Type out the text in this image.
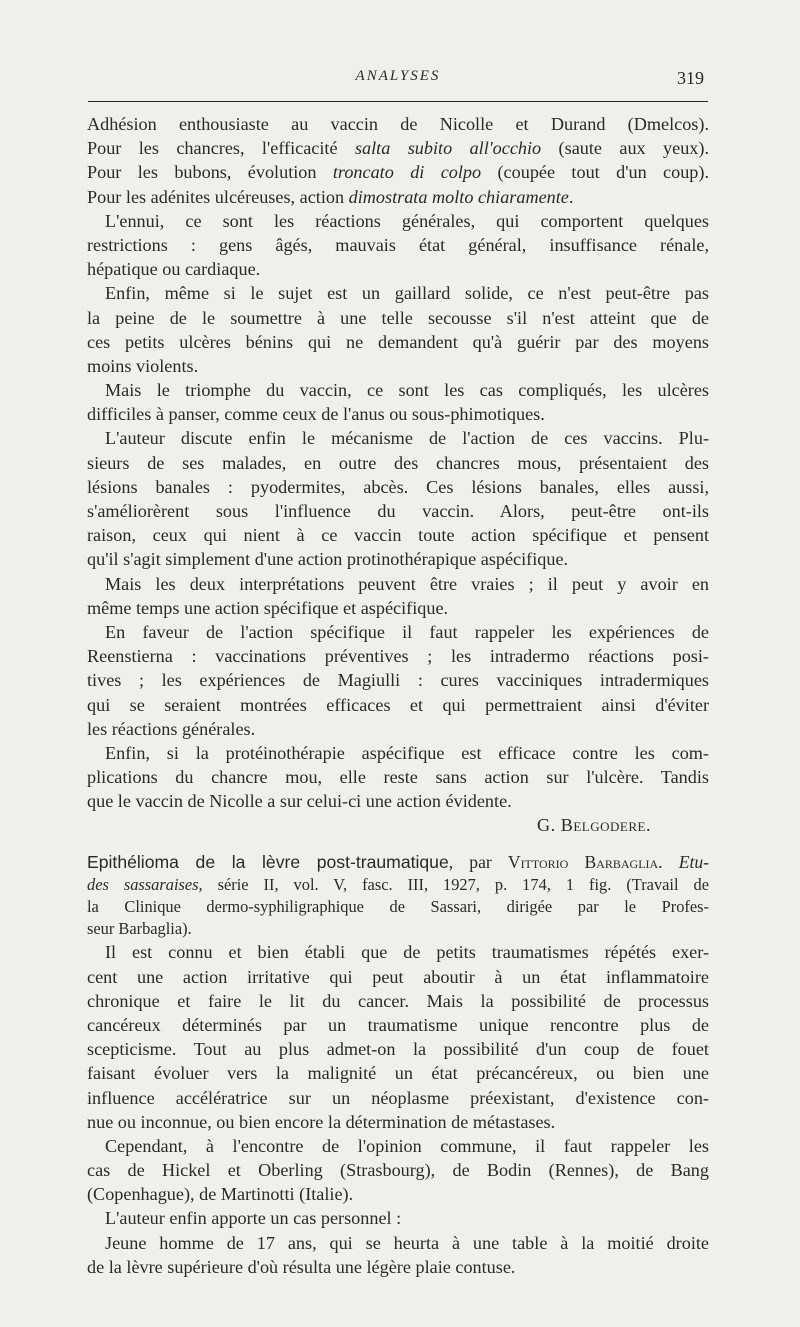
ANALYSES	319
Adhésion enthousiaste au vaccin de Nicolle et Durand (Dmelcos).
Pour les chancres, l'efficacité salta subito all'occhio (saute aux yeux).
Pour les bubons, évolution troncato di colpo (coupée tout d'un coup).
Pour les adénites ulcéreuses, action dimostrata molto chiaramente.
L'ennui, ce sont les réactions générales, qui comportent quelques
restrictions : gens âgés, mauvais état général, insuffisance rénale,
hépatique ou cardiaque.
Enfin, même si le sujet est un gaillard solide, ce n'est peut-être pas
la peine de le soumettre à une telle secousse s'il n'est atteint que de
ces petits ulcères bénins qui ne demandent qu'à guérir par des moyens
moins violents.
Mais le triomphe du vaccin, ce sont les cas compliqués, les ulcères
difficiles à panser, comme ceux de l'anus ou sous-phimotiques.
L'auteur discute enfin le mécanisme de l'action de ces vaccins. Plu-
sieurs de ses malades, en outre des chancres mous, présentaient des
lésions banales : pyodermites, abcès. Ces lésions banales, elles aussi,
s'améliorèrent sous l'influence du vaccin. Alors, peut-être ont-ils
raison, ceux qui nient à ce vaccin toute action spécifique et pensent
qu'il s'agit simplement d'une action protinothérapique aspécifique.
Mais les deux interprétations peuvent être vraies ; il peut y avoir en
même temps une action spécifique et aspécifique.
En faveur de l'action spécifique il faut rappeler les expériences de
Reenstierna : vaccinations préventives ; les intradermo réactions posi-
tives ; les expériences de Magiulli : cures vacciniques intradermiques
qui se seraient montrées efficaces et qui permettraient ainsi d'éviter
les réactions générales.
Enfin, si la protéinothérapie aspécifique est efficace contre les com-
plications du chancre mou, elle reste sans action sur l'ulcère. Tandis
que le vaccin de Nicolle a sur celui-ci une action évidente.
G. Belgodere.
Epithélioma de la lèvre post-traumatique, par Vittorio Barbaglia. Etu-
des sassaraises, série II, vol. V, fasc. III, 1927, p. 174, 1 fig. (Travail de
la Clinique dermo-syphiligraphique de Sassari, dirigée par le Profes-
seur Barbaglia).
Il est connu et bien établi que de petits traumatismes répétés exer-
cent une action irritative qui peut aboutir à un état inflammatoire
chronique et faire le lit du cancer. Mais la possibilité de processus
cancéreux déterminés par un traumatisme unique rencontre plus de
scepticisme. Tout au plus admet-on la possibilité d'un coup de fouet
faisant évoluer vers la malignité un état précancéreux, ou bien une
influence accélératrice sur un néoplasme préexistant, d'existence con-
nue ou inconnue, ou bien encore la détermination de métastases.
Cependant, à l'encontre de l'opinion commune, il faut rappeler les
cas de Hickel et Oberling (Strasbourg), de Bodin (Rennes), de Bang
(Copenhague), de Martinotti (Italie).
L'auteur enfin apporte un cas personnel :
Jeune homme de 17 ans, qui se heurta à une table à la moitié droite
de la lèvre supérieure d'où résulta une légère plaie contuse.
